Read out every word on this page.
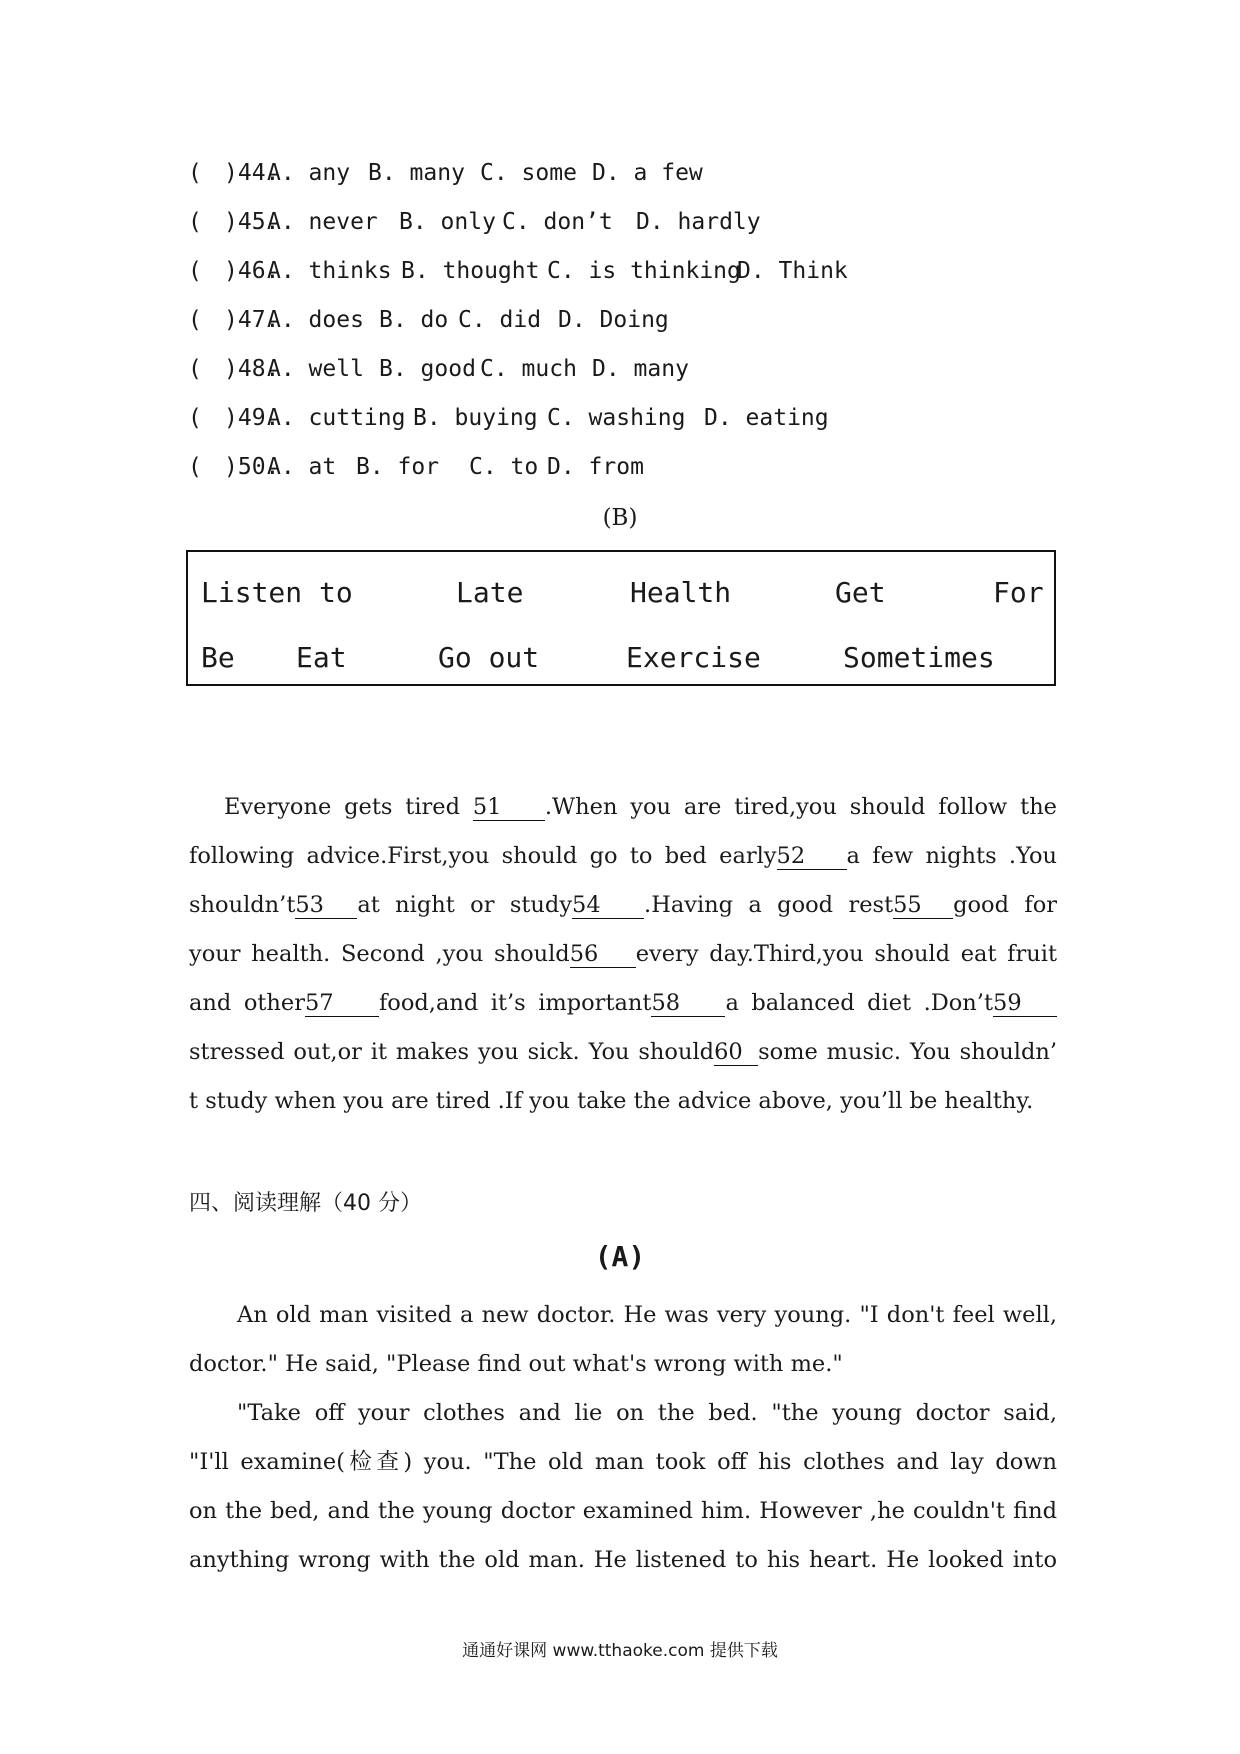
(

)44.

A. any

B. many

C. some

D. a few

(

)45.

A. never

B. only

C. don’t

D. hardly

(

)46.

A. thinks

B. thought

C. is thinking

D. Think

(

)47.

A. does

B. do

C. did

D. Doing

(

)48.

A. well

B. good

C. much

D. many

(

)49.

A. cutting

B. buying

C. washing

D. eating

(

)50.

A. at

B. for

C. to

D. from

(B)
Listen to	Late	Health	Get	For
Be Eat	Go out	Exercise	Sometimes
Everyone gets tired 51 .When you are tired,you should follow the
following advice.First,you should go to bed early52 a few nights .You
shouldn’t53 at night or study54 .Having a good rest55 good for
your health. Second ,you should56 every day.Third,you should eat fruit
and other57 food,and it’s important58 a balanced diet .Don’t59
stressed out,or it makes you sick. You should60 some music. You shouldn’
t study when you are tired .If you take the advice above, you’ll be healthy.
四、阅读理解（40 分）
(A)
An old man visited a new doctor. He was very young. "I don't feel well,
doctor." He said, "Please find out what's wrong with me."
"Take off your clothes and lie on the bed. "the young doctor said,
"I'll examine(检查) you. "The old man took off his clothes and lay down
on the bed, and the young doctor examined him. However ,he couldn't find
anything wrong with the old man. He listened to his heart. He looked into
通通好课网 www.tthaoke.com 提供下载
